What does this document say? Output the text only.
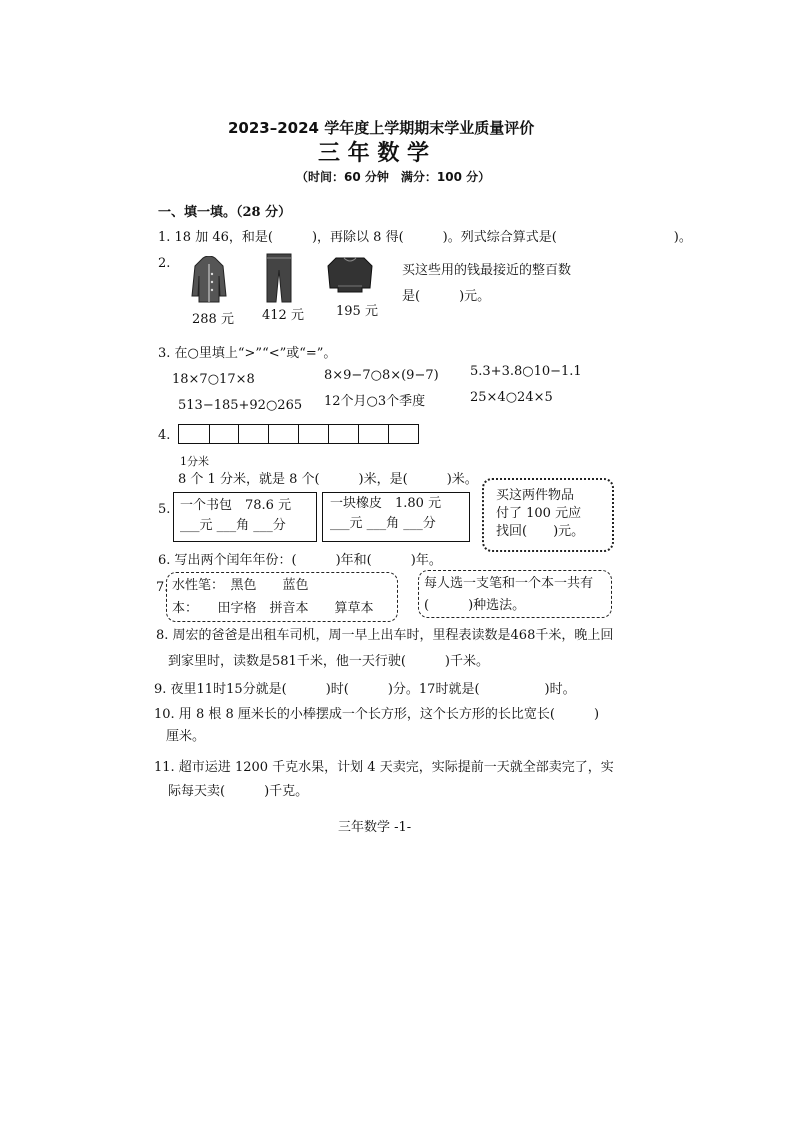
2023–2024 学年度上学期期末学业质量评价
三 年 数 学
（时间：60 分钟　满分：100 分）
一、填一填。（28 分）
1. 18 加 46，和是(　　　)，再除以 8 得(　　　)。列式综合算式是(　　　　　　　　　)。
2.
288 元 412 元 195 元
买这些用的钱最接近的整百数
是(　　　)元。
3. 在○里填上“>”“<”或“=”。
18×7○17×8	8×9−7○8×(9−7) 5.3+3.8○10−1.1
513−185+92○265 12个月○3个季度	25×4○24×5
4.
1分米
8 个 1 分米，就是 8 个(　　　)米，是(　　　)米。
5. 一个书包　78.6 元
___元 ___角 ___分
一块橡皮　1.80 元
___元 ___角 ___分
买这两件物品
付了 100 元应
找回(　　)元。
6. 写出两个闰年年份：(　　　)年和(　　　)年。
7. 水性笔：　黑色　　蓝色
本：　　田字格　拼音本　　算草本
每人选一支笔和一个本一共有
(　　　)种选法。
8. 周宏的爸爸是出租车司机，周一早上出车时，里程表读数是468千米，晚上回
到家里时，读数是581千米，他一天行驶(　　　)千米。
9. 夜里11时15分就是(　　　)时(　　　)分。17时就是(　　　　　)时。
10. 用 8 根 8 厘米长的小棒摆成一个长方形，这个长方形的长比宽长(　　　)
厘米。
11. 超市运进 1200 千克水果，计划 4 天卖完，实际提前一天就全部卖完了，实
际每天卖(　　　)千克。
三年数学 -1-
